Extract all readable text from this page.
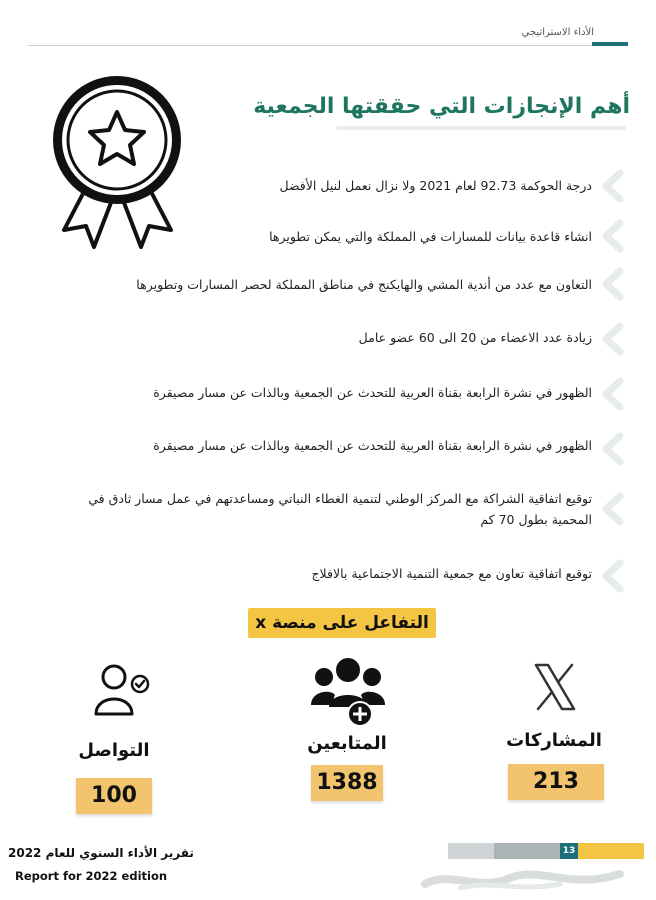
الأداء الاستراتيجي
أهم الإنجازات التي حققتها الجمعية
درجة الحوكمة 92.73 لعام 2021 ولا نزال نعمل لنيل الأفضل
انشاء قاعدة بيانات للمسارات في المملكة والتي يمكن تطويرها
التعاون مع عدد من أندية المشي والهايكنج في مناطق المملكة لحصر المسارات وتطويرها
زيادة عدد الاعضاء من 20 الى 60 عضو عامل
الظهور في نشرة الرابعة بقناة العربية للتحدث عن الجمعية وبالذات عن مسار مصيقرة
الظهور في نشرة الرابعة بقناة العربية للتحدث عن الجمعية وبالذات عن مسار مصيقرة
توقيع اتفاقية الشراكة مع المركز الوطني لتنمية الغطاء النباتي ومساعدتهم في عمل مسار ثادق في المحمية بطول 70 كم
توقيع اتفاقية تعاون مع جمعية التنمية الاجتماعية بالافلاج
التفاعل على منصة x
المشاركات
213
المتابعين
1388
التواصل
100
تقرير الأداء السنوي للعام 2022
Report for 2022 edition
13
